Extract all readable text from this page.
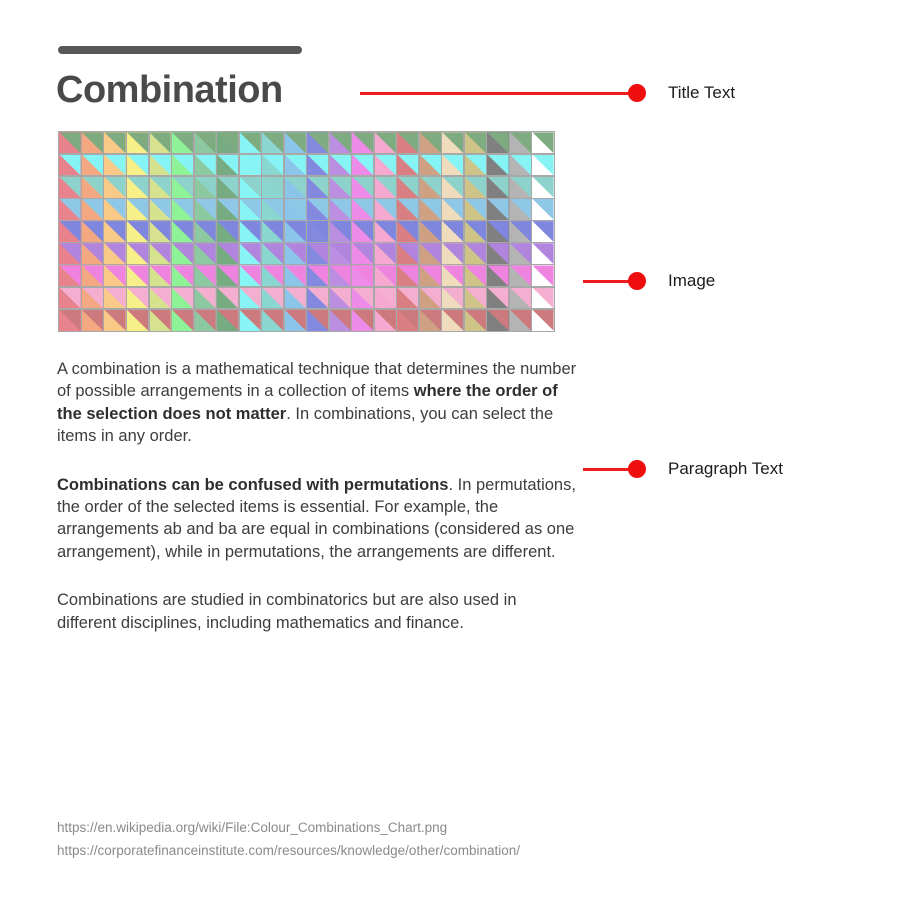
Combination

A combination is a mathematical technique that determines the number of possible arrangements in a collection of items where the order of the selection does not matter. In combinations, you can select the items in any order.

Combinations can be confused with permutations. In permutations, the order of the selected items is essential. For example, the arrangements ab and ba are equal in combinations (considered as one arrangement), while in permutations, the arrangements are different.

Combinations are studied in combinatorics but are also used in different disciplines, including mathematics and finance.

Title Text
Image
Paragraph Text
https://en.wikipedia.org/wiki/File:Colour_Combinations_Chart.png
https://corporatefinanceinstitute.com/resources/knowledge/other/combination/
